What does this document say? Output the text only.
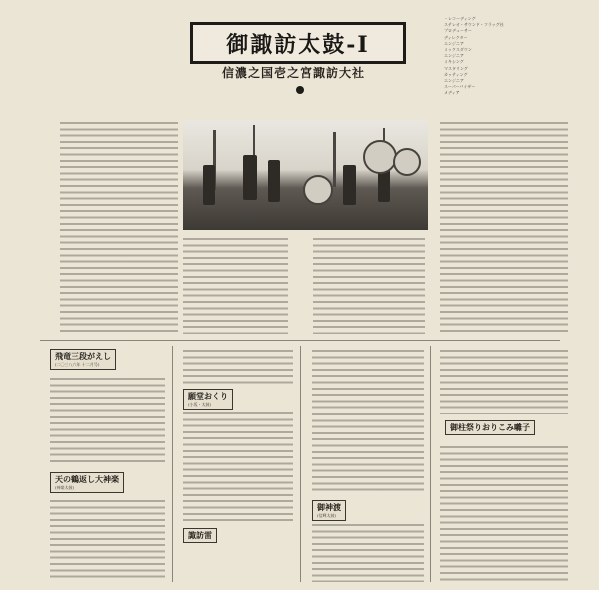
御諏訪太鼓-Ⅰ
信濃之国壱之宮諏訪大社
・レコーディング
ステレオ・サウンド・フラッグ社
プロデューサー
ディレクター
エンジニア
ミックスダウン
エンジニア
ミキシング
マスタリング
カッティング
エンジニア
スーパーバイザー
メディア
飛竜三段がえし
(二〇三八六年 十二月号)
天の鶴返し大神楽
(神楽太鼓)
願堂おくり
(小坂・太鼓)
諏訪雷
御神渡
(信輝太鼓)
御柱祭りおりこみ囃子
